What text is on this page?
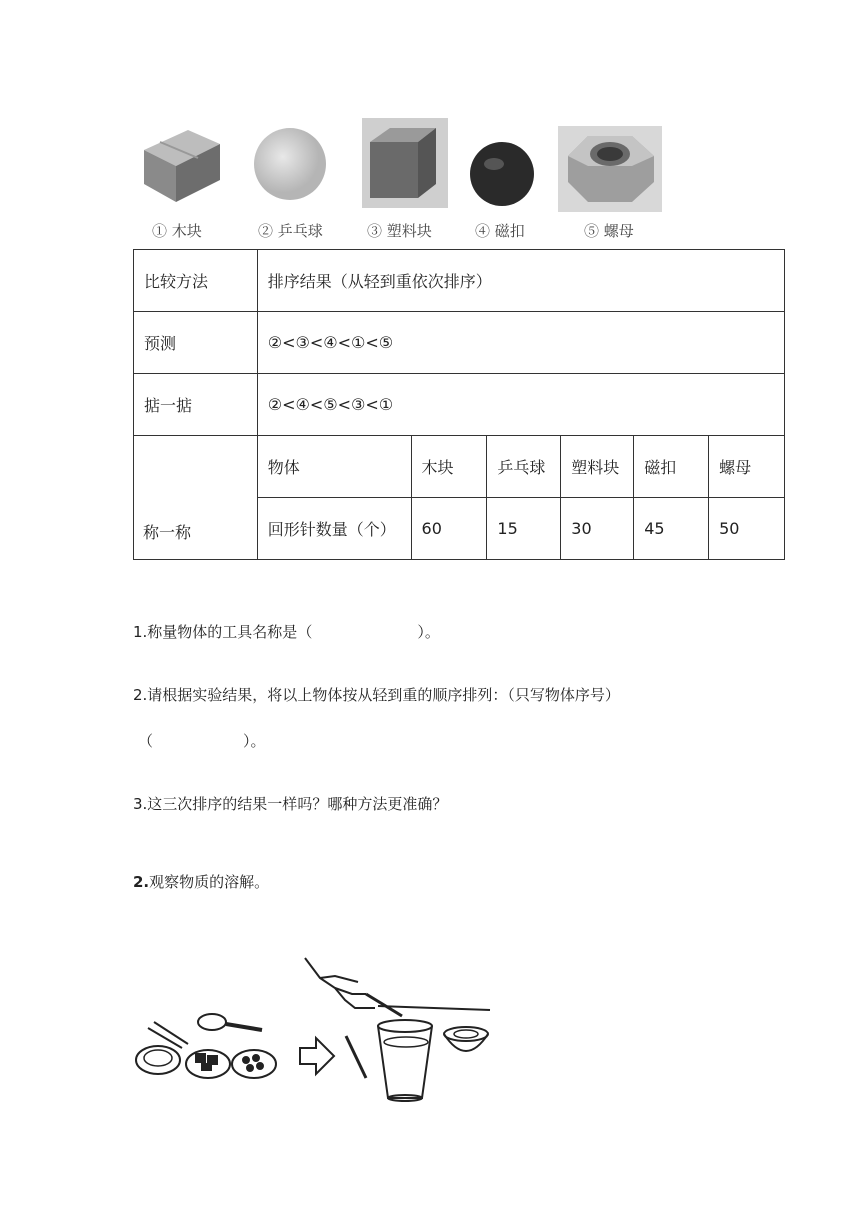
① 木块	② 乒乓球	③ 塑料块	④ 磁扣	⑤ 螺母
比较方法	排序结果（从轻到重依次排序）					
预测	②<③<④<①<⑤					
掂一掂	②<④<⑤<③<①					
	物体	木块	乒乓球	塑料块	磁扣	螺母
	回形针数量（个）	60	15	30	45	50
称一称
1.称量物体的工具名称是（	）。
2.请根据实验结果，将以上物体按从轻到重的顺序排列：（只写物体序号）
（	）。
3.这三次排序的结果一样吗？哪种方法更准确？
2.观察物质的溶解。
